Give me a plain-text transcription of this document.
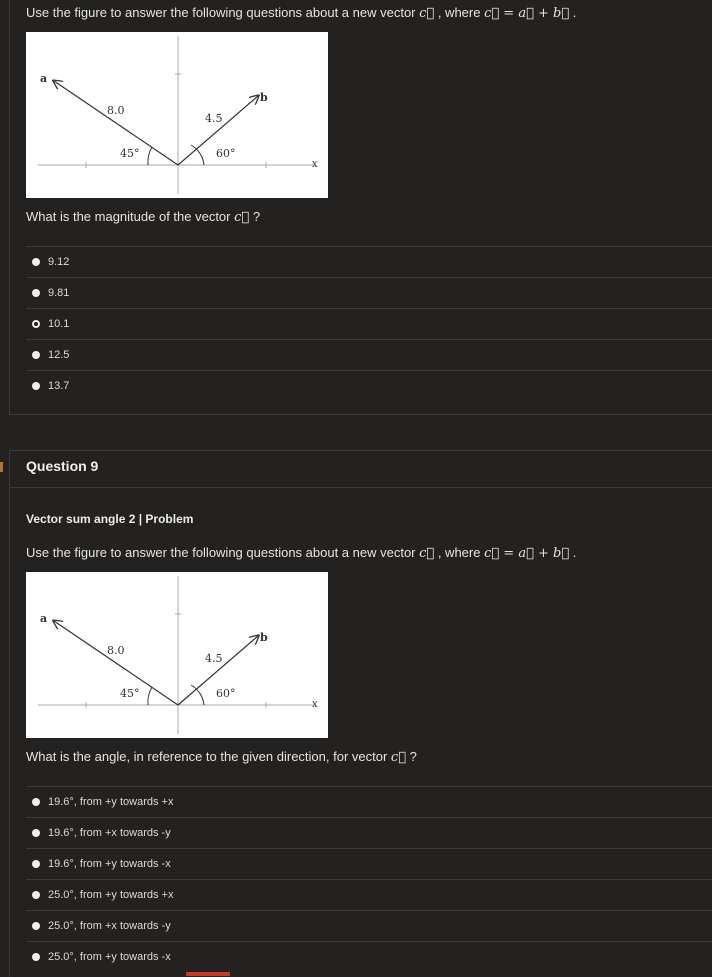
Use the figure to answer the following questions about a new vector c⃗ , where c⃗ = a⃗ + b⃗ .
a
b
x
8.0
4.5
45°	60°
What is the magnitude of the vector c⃗ ?
9.12
9.81
10.1
12.5
13.7
Question 9
Vector sum angle 2 | Problem
Use the figure to answer the following questions about a new vector c⃗ , where c⃗ = a⃗ + b⃗ .
a
b
x
8.0
4.5
45°	60°
What is the angle, in reference to the given direction, for vector c⃗ ?
19.6°, from +y towards +x
19.6°, from +x towards -y
19.6°, from +y towards -x
25.0°, from +y towards +x
25.0°, from +x towards -y
25.0°, from +y towards -x
